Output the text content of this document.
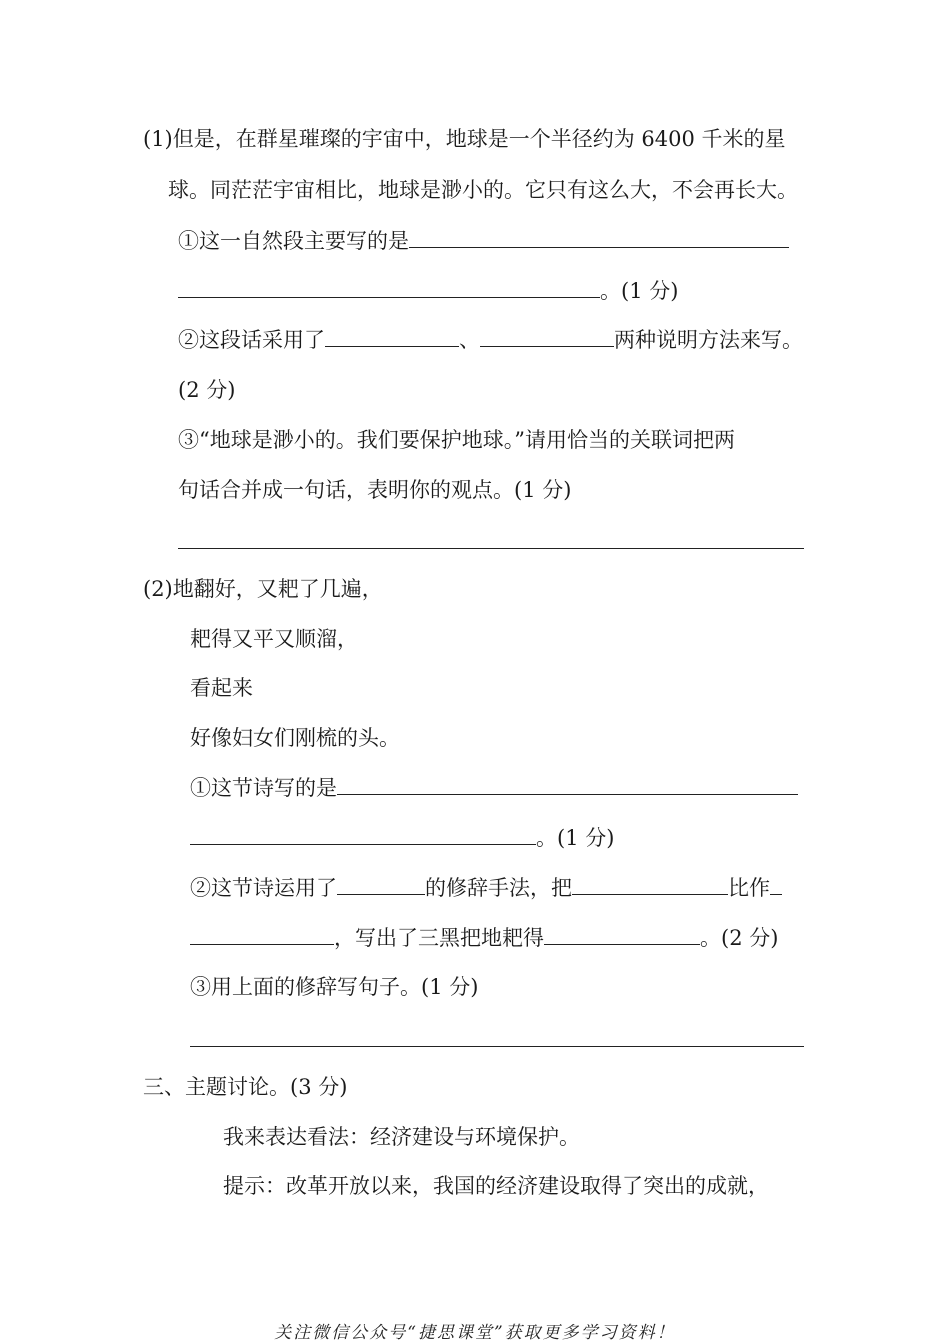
(1)但是，在群星璀璨的宇宙中，地球是一个半径约为 6400 千米的星
球。同茫茫宇宙相比，地球是渺小的。它只有这么大，不会再长大。
①这一自然段主要写的是
。(1 分)
②这段话采用了	、	两种说明方法来写。
(2 分)
③“地球是渺小的。我们要保护地球。”请用恰当的关联词把两
句话合并成一句话，表明你的观点。(1 分)
(2)地翻好，又耙了几遍，
耙得又平又顺溜，
看起来
好像妇女们刚梳的头。
①这节诗写的是
。(1 分)
②这节诗运用了	的修辞手法，把	比作
，写出了三黑把地耙得	。(2 分)
③用上面的修辞写句子。(1 分)
三、主题讨论。(3 分)
我来表达看法：经济建设与环境保护。
提示：改革开放以来，我国的经济建设取得了突出的成就，
关注微信公众号“捷思课堂”获取更多学习资料！
